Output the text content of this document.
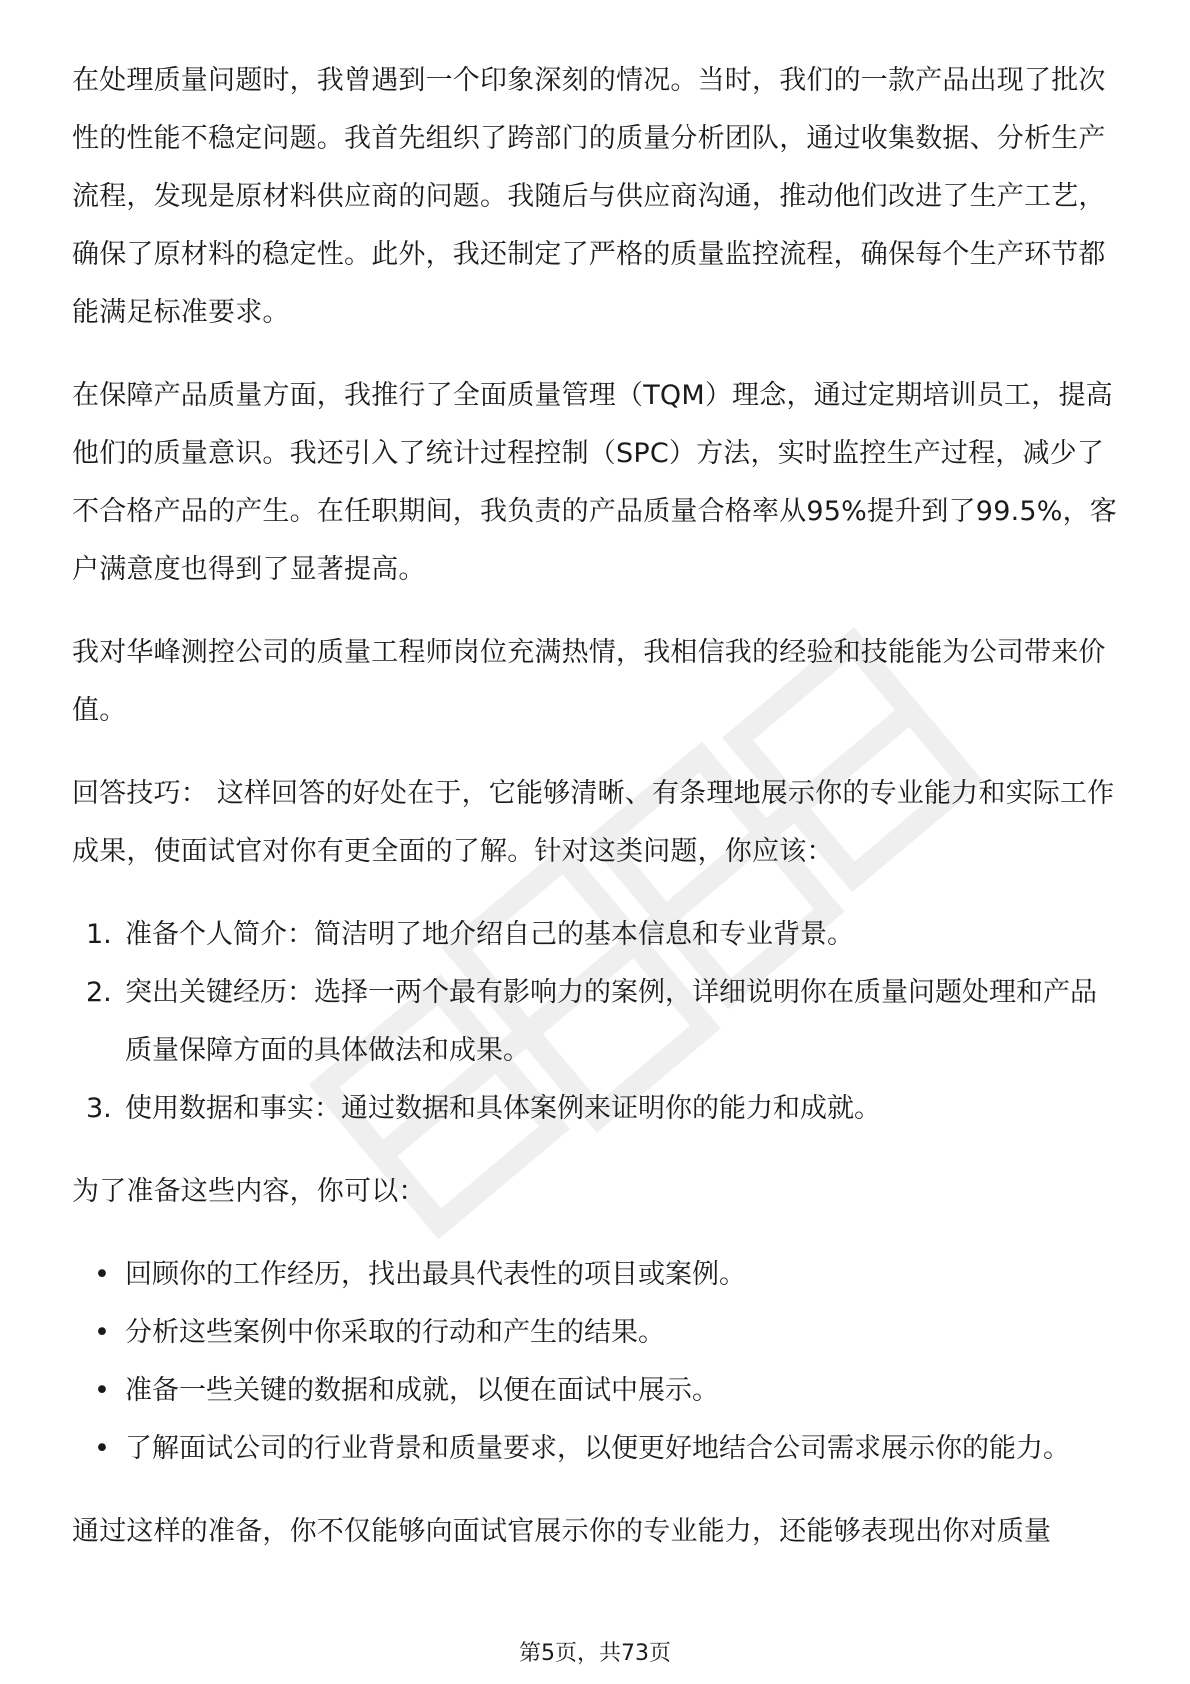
在处理质量问题时，我曾遇到一个印象深刻的情况。当时，我们的一款产品出现了批次性的性能不稳定问题。我首先组织了跨部门的质量分析团队，通过收集数据、分析生产流程，发现是原材料供应商的问题。我随后与供应商沟通，推动他们改进了生产工艺，确保了原材料的稳定性。此外，我还制定了严格的质量监控流程，确保每个生产环节都能满足标准要求。

在保障产品质量方面，我推行了全面质量管理（TQM）理念，通过定期培训员工，提高他们的质量意识。我还引入了统计过程控制（SPC）方法，实时监控生产过程，减少了不合格产品的产生。在任职期间，我负责的产品质量合格率从95%提升到了99.5%，客户满意度也得到了显著提高。

我对华峰测控公司的质量工程师岗位充满热情，我相信我的经验和技能能为公司带来价值。

回答技巧： 这样回答的好处在于，它能够清晰、有条理地展示你的专业能力和实际工作成果，使面试官对你有更全面的了解。针对这类问题，你应该：

1. 准备个人简介：简洁明了地介绍自己的基本信息和专业背景。
2. 突出关键经历：选择一两个最有影响力的案例，详细说明你在质量问题处理和产品质量保障方面的具体做法和成果。
3. 使用数据和事实：通过数据和具体案例来证明你的能力和成就。

为了准备这些内容，你可以：

• 回顾你的工作经历，找出最具代表性的项目或案例。
• 分析这些案例中你采取的行动和产生的结果。
• 准备一些关键的数据和成就，以便在面试中展示。
• 了解面试公司的行业背景和质量要求，以便更好地结合公司需求展示你的能力。

通过这样的准备，你不仅能够向面试官展示你的专业能力，还能够表现出你对质量

第5页，共73页
